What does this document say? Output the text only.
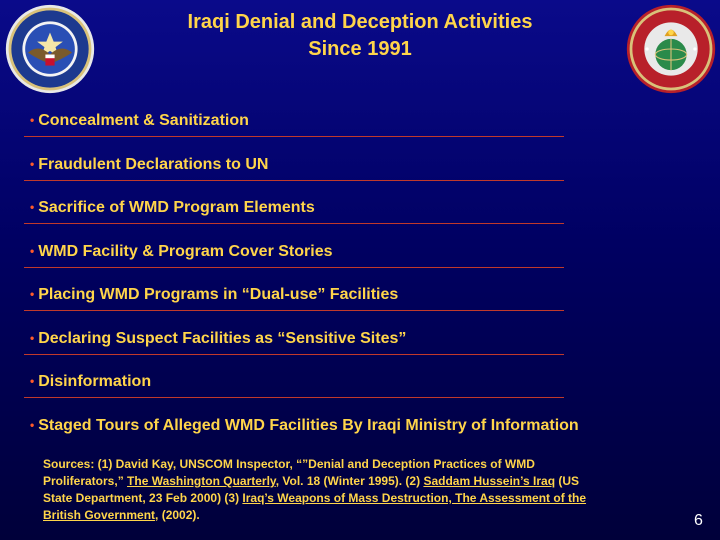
Iraqi Denial and Deception Activities
Since 1991
• Concealment & Sanitization
• Fraudulent Declarations to UN
• Sacrifice of WMD Program Elements
• WMD Facility & Program Cover Stories
• Placing WMD Programs in “Dual-use” Facilities
• Declaring Suspect Facilities as “Sensitive Sites”
• Disinformation
• Staged Tours of Alleged WMD Facilities By Iraqi Ministry of Information
Sources: (1) David Kay, UNSCOM Inspector, “”Denial and Deception Practices of WMD Proliferators,” The Washington Quarterly, Vol. 18 (Winter 1995). (2) Saddam Hussein’s Iraq (US State Department, 23 Feb 2000) (3) Iraq’s Weapons of Mass Destruction, The Assessment of the British Government, (2002).	6
